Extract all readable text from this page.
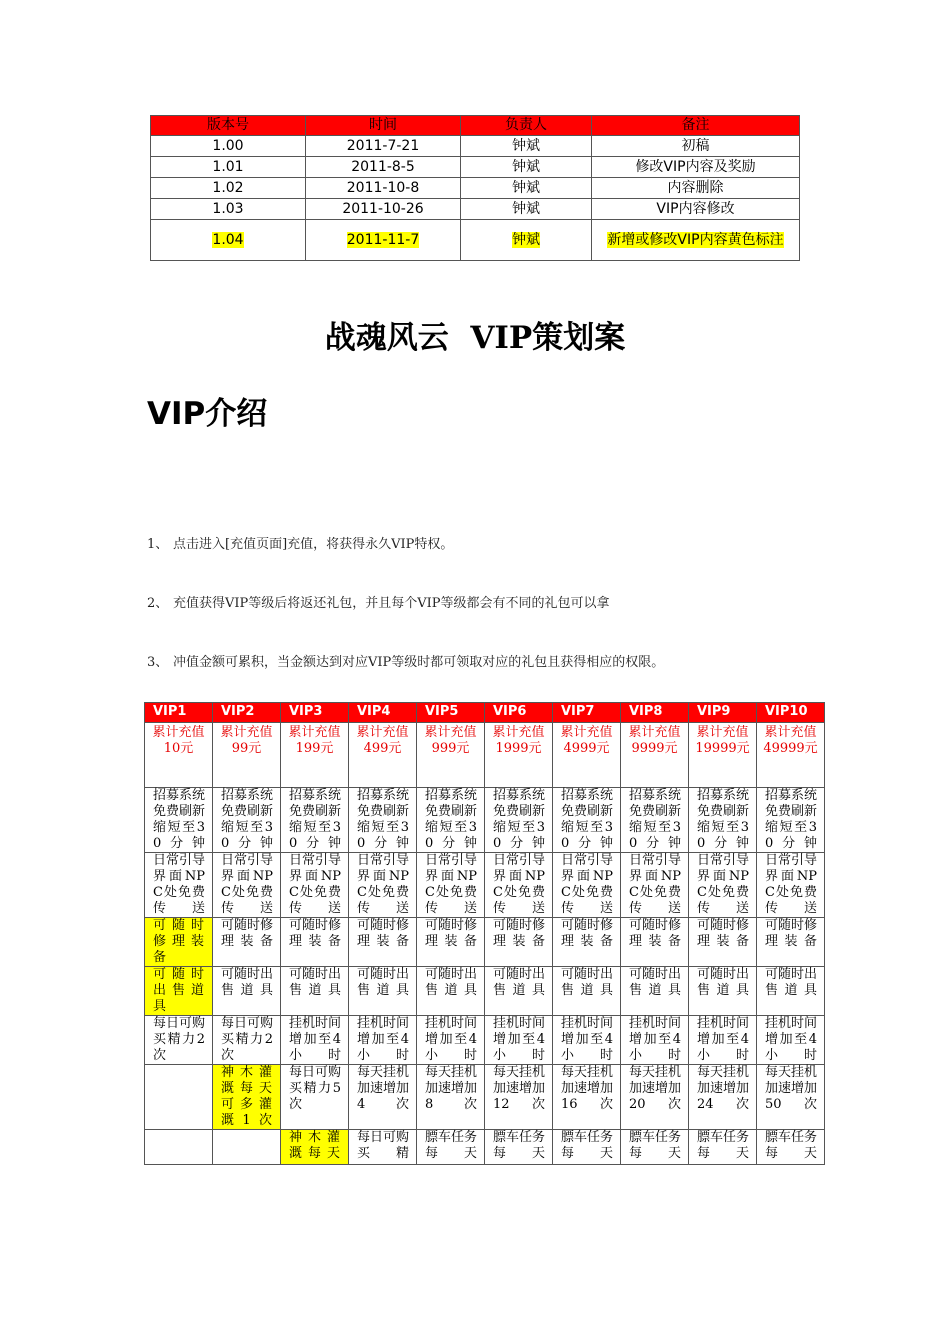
版本号	时间	负责人	备注
1.00	2011-7-21	钟斌	初稿
1.01	2011-8-5	钟斌	修改VIP内容及奖励
1.02	2011-10-8	钟斌	内容删除
1.03	2011-10-26	钟斌	VIP内容修改
1.04	2011-11-7	钟斌	新增或修改VIP内容黄色标注
战魂风云  VIP策划案
VIP介绍
1、 点击进入[充值页面]充值，将获得永久VIP特权。
2、 充值获得VIP等级后将返还礼包，并且每个VIP等级都会有不同的礼包可以拿
3、 冲值金额可累积，当金额达到对应VIP等级时都可领取对应的礼包且获得相应的权限。
VIP1	VIP2	VIP3	VIP4	VIP5	VIP6	VIP7	VIP8	VIP9	VIP10
累计充值10元	累计充值99元	累计充值199元	累计充值499元	累计充值999元	累计充值1999元	累计充值4999元	累计充值9999元	累计充值19999元	累计充值49999元
招募系统免费刷新缩短至30分钟	招募系统免费刷新缩短至30分钟	招募系统免费刷新缩短至30分钟	招募系统免费刷新缩短至30分钟	招募系统免费刷新缩短至30分钟	招募系统免费刷新缩短至30分钟	招募系统免费刷新缩短至30分钟	招募系统免费刷新缩短至30分钟	招募系统免费刷新缩短至30分钟	招募系统免费刷新缩短至30分钟
日常引导界面NPC处免费传送	日常引导界面NPC处免费传送	日常引导界面NPC处免费传送	日常引导界面NPC处免费传送	日常引导界面NPC处免费传送	日常引导界面NPC处免费传送	日常引导界面NPC处免费传送	日常引导界面NPC处免费传送	日常引导界面NPC处免费传送	日常引导界面NPC处免费传送
可随时修理装备	可随时修理装备	可随时修理装备	可随时修理装备	可随时修理装备	可随时修理装备	可随时修理装备	可随时修理装备	可随时修理装备	可随时修理装备
可随时出售道具	可随时出售道具	可随时出售道具	可随时出售道具	可随时出售道具	可随时出售道具	可随时出售道具	可随时出售道具	可随时出售道具	可随时出售道具
每日可购买精力2次	每日可购买精力2次	挂机时间增加至4小时	挂机时间增加至4小时	挂机时间增加至4小时	挂机时间增加至4小时	挂机时间增加至4小时	挂机时间增加至4小时	挂机时间增加至4小时	挂机时间增加至4小时
	神木灌溉每天可多灌溉1次	每日可购买精力5次	每天挂机加速增加4次	每天挂机加速增加8次	每天挂机加速增加12次	每天挂机加速增加16次	每天挂机加速增加20次	每天挂机加速增加24次	每天挂机加速增加50次
		神木灌溉每天	每日可购买精	膘车任务每天	膘车任务每天	膘车任务每天	膘车任务每天	膘车任务每天	膘车任务每天
